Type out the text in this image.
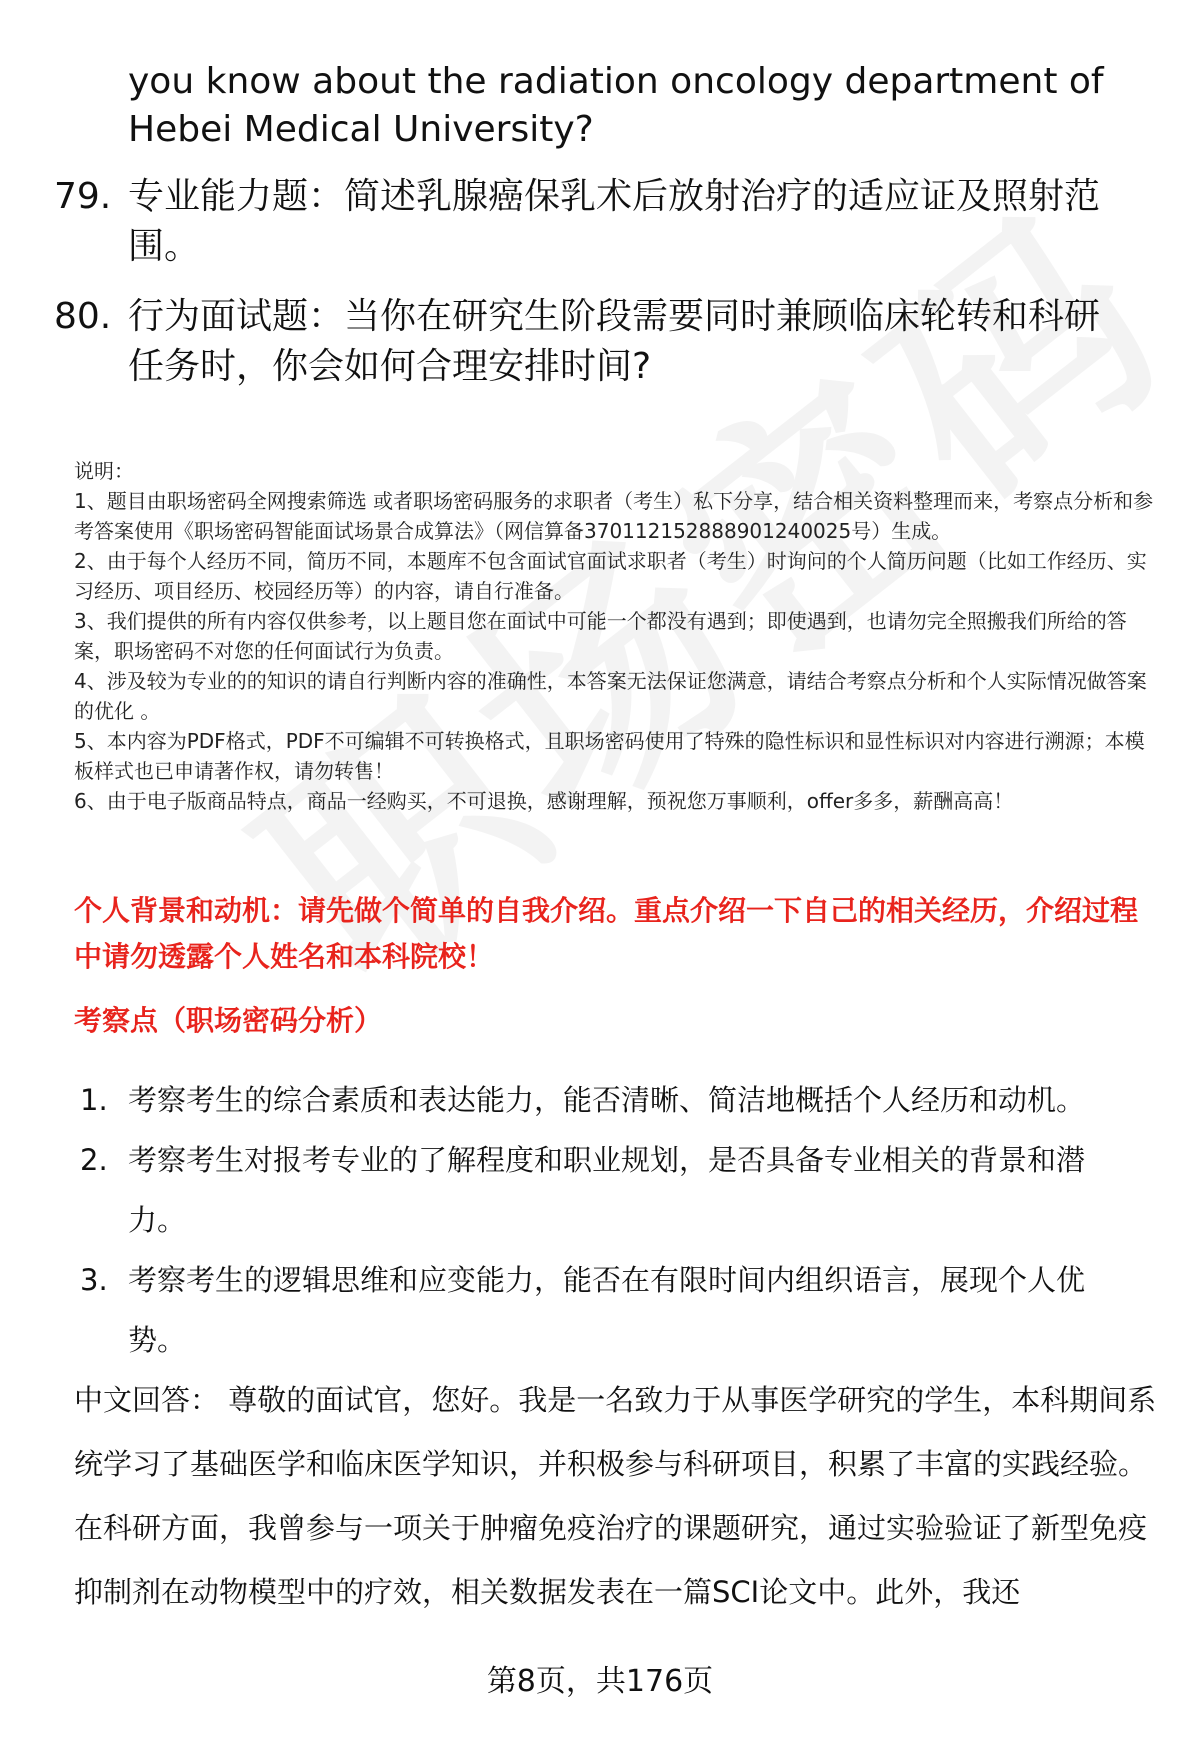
you know about the radiation oncology department of Hebei Medical University?
79. 专业能力题：简述乳腺癌保乳术后放射治疗的适应证及照射范围。
80. 行为面试题：当你在研究生阶段需要同时兼顾临床轮转和科研任务时，你会如何合理安排时间?
说明：
1、题目由职场密码全网搜索筛选 或者职场密码服务的求职者（考生）私下分享，结合相关资料整理而来，考察点分析和参考答案使用《职场密码智能面试场景合成算法》（网信算备370112152888901240025号）生成。
2、由于每个人经历不同，简历不同，本题库不包含面试官面试求职者（考生）时询问的个人简历问题（比如工作经历、实习经历、项目经历、校园经历等）的内容，请自行准备。
3、我们提供的所有内容仅供参考，以上题目您在面试中可能一个都没有遇到；即使遇到，也请勿完全照搬我们所给的答案，职场密码不对您的任何面试行为负责。
4、涉及较为专业的的知识的请自行判断内容的准确性，本答案无法保证您满意，请结合考察点分析和个人实际情况做答案的优化 。
5、本内容为PDF格式，PDF不可编辑不可转换格式，且职场密码使用了特殊的隐性标识和显性标识对内容进行溯源；本模板样式也已申请著作权，请勿转售！
6、由于电子版商品特点，商品一经购买，不可退换，感谢理解，预祝您万事顺利，offer多多，薪酬高高！
个人背景和动机：请先做个简单的自我介绍。重点介绍一下自己的相关经历，介绍过程中请勿透露个人姓名和本科院校！
考察点（职场密码分析）
1. 考察考生的综合素质和表达能力，能否清晰、简洁地概括个人经历和动机。
2. 考察考生对报考专业的了解程度和职业规划，是否具备专业相关的背景和潜力。
3. 考察考生的逻辑思维和应变能力，能否在有限时间内组织语言，展现个人优势。
中文回答： 尊敬的面试官，您好。我是一名致力于从事医学研究的学生，本科期间系统学习了基础医学和临床医学知识，并积极参与科研项目，积累了丰富的实践经验。在科研方面，我曾参与一项关于肿瘤免疫治疗的课题研究，通过实验验证了新型免疫抑制剂在动物模型中的疗效，相关数据发表在一篇SCI论文中。此外，我还
第8页，共176页
